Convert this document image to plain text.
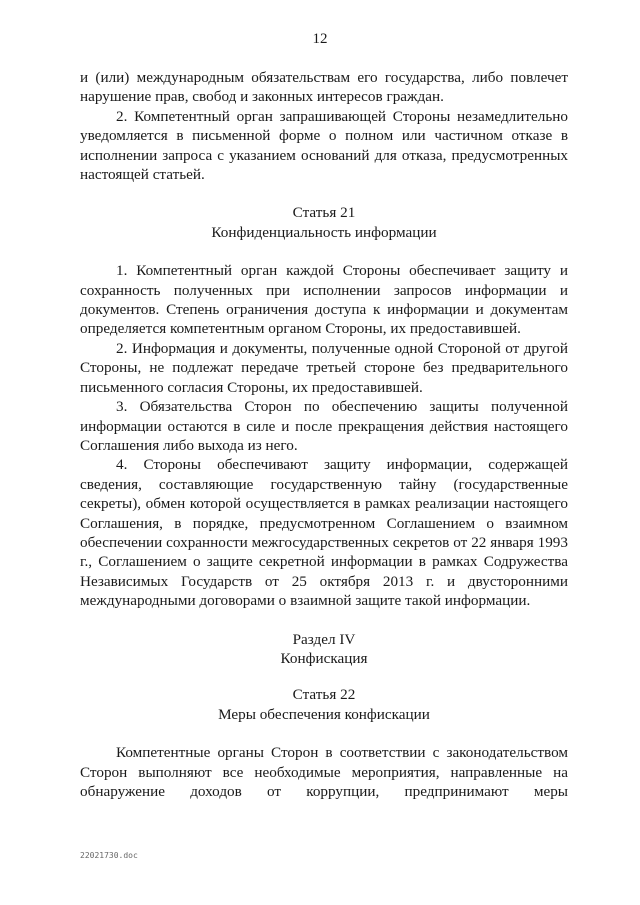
12

и (или) международным обязательствам его государства, либо повлечет нарушение прав, свобод и законных интересов граждан.

2. Компетентный орган запрашивающей Стороны незамедлительно уведомляется в письменной форме о полном или частичном отказе в исполнении запроса с указанием оснований для отказа, предусмотренных настоящей статьей.

Статья 21

Конфиденциальность информации

1. Компетентный орган каждой Стороны обеспечивает защиту и сохранность полученных при исполнении запросов информации и документов. Степень ограничения доступа к информации и документам определяется компетентным органом Стороны, их предоставившей.

2. Информация и документы, полученные одной Стороной от другой Стороны, не подлежат передаче третьей стороне без предварительного письменного согласия Стороны, их предоставившей.

3. Обязательства Сторон по обеспечению защиты полученной информации остаются в силе и после прекращения действия настоящего Соглашения либо выхода из него.

4. Стороны обеспечивают защиту информации, содержащей сведения, составляющие государственную тайну (государственные секреты), обмен которой осуществляется в рамках реализации настоящего Соглашения, в порядке, предусмотренном Соглашением о взаимном обеспечении сохранности межгосударственных секретов от 22 января 1993 г., Соглашением о защите секретной информации в рамках Содружества Независимых Государств от 25 октября 2013 г. и двусторонними международными договорами о взаимной защите такой информации.

Раздел IV

Конфискация

Статья 22

Меры обеспечения конфискации

Компетентные органы Сторон в соответствии с законодательством Сторон выполняют все необходимые мероприятия, направленные на обнаружение доходов от коррупции, предпринимают меры

22021730.doc
